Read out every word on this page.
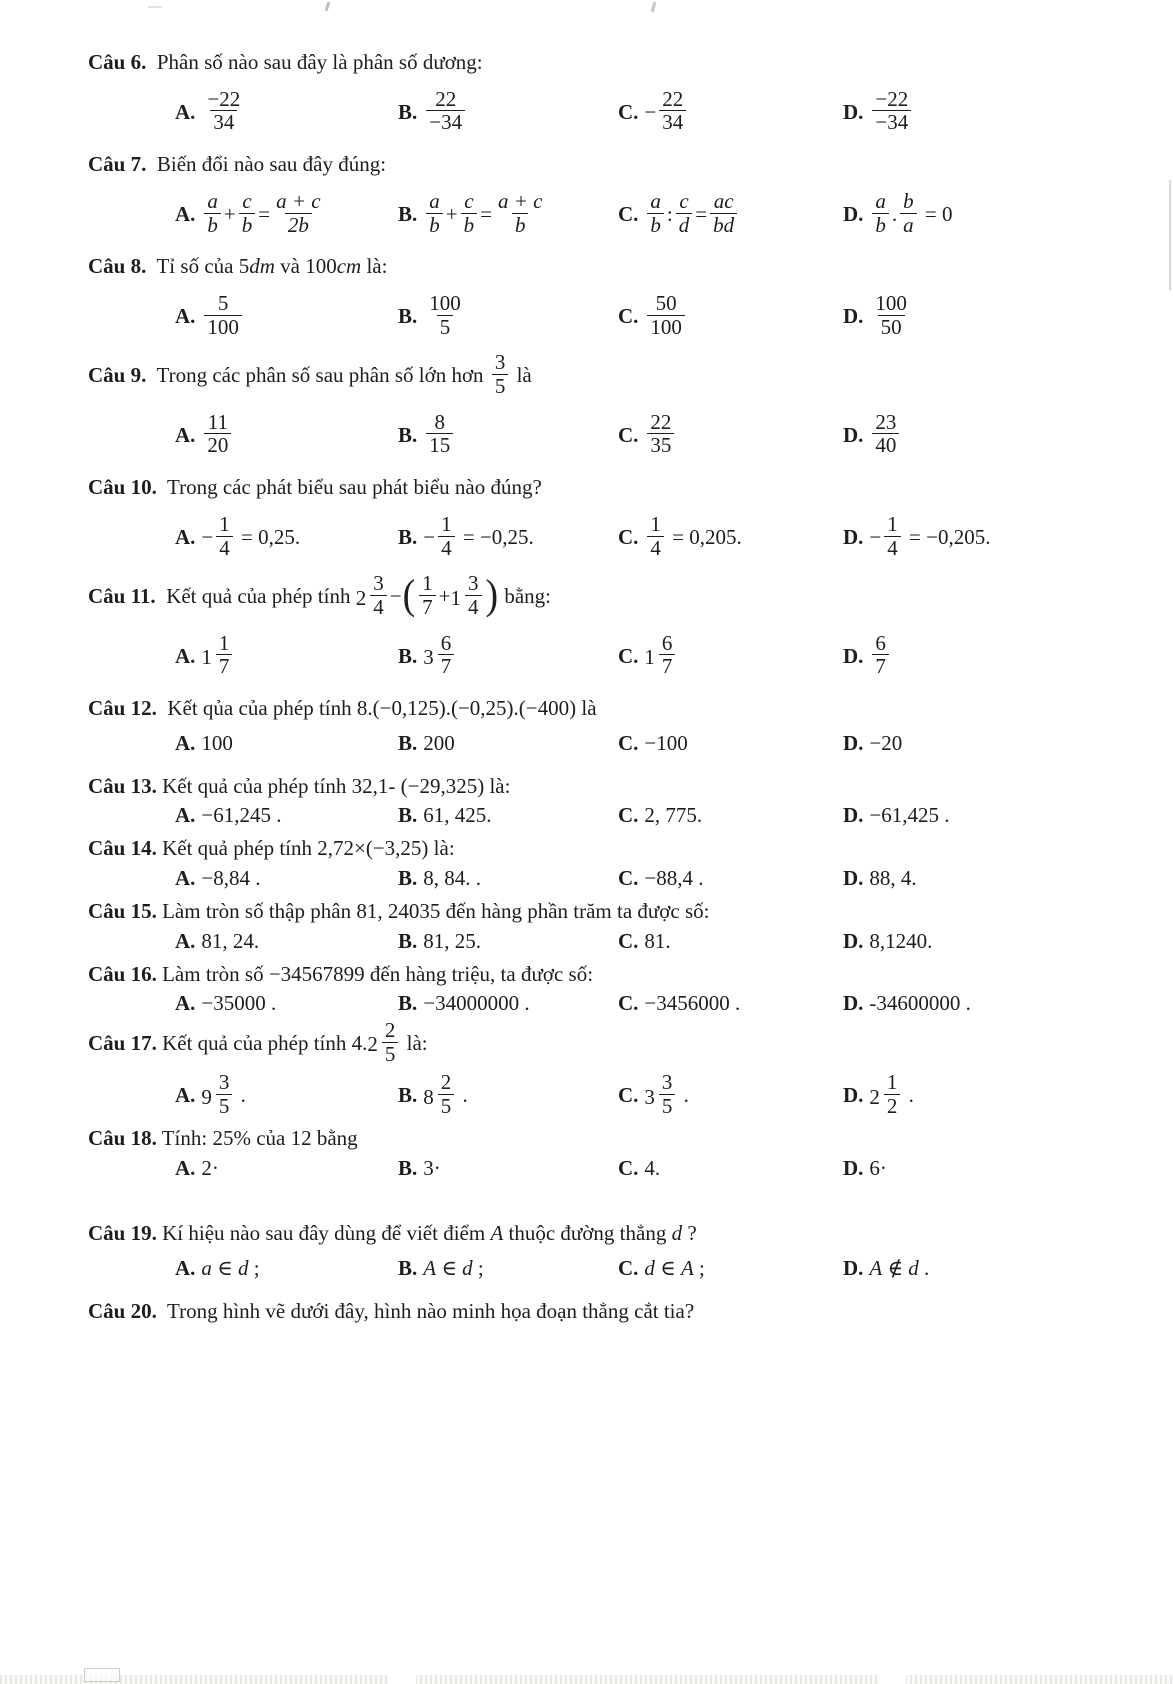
Câu 6.  Phân số nào sau đây là phân số dương:
A. $\frac{-22}{34}$	B. $\frac{22}{-34}$	C. − $\frac{22}{34}$	D. $\frac{-22}{-34}$
Câu 7.  Biến đổi nào sau đây đúng:
A. $\frac{a}{b} + \frac{c}{b} = \frac{a + c}{2b}$	B. $\frac{a}{b} + \frac{c}{b} = \frac{a + c}{b}$	C. $\frac{a}{b}$ : $\frac{c}{d} = \frac{ac}{bd}$	D. $\frac{a}{b}$ . $\frac{b}{a} = 0$
Câu 8.  Tỉ số của 5dm và 100cm là:
A. $\frac{5}{100}$	B. $\frac{100}{5}$	C. $\frac{50}{100}$	D. $\frac{100}{50}$
Câu 9.  Trong các phân số sau phân số lớn hơn $\frac{3}{5}$ là
A. $\frac{11}{20}$	B. $\frac{8}{15}$	C. $\frac{22}{35}$	D. $\frac{23}{40}$
Câu 10.  Trong các phát biểu sau phát biểu nào đúng?
A. − $\frac{1}{4} = 0,25$.	B. − $\frac{1}{4} = -0,25$.	C. $\frac{1}{4} = 0,205$.	D. − $\frac{1}{4} = -0,205$.
Câu 11.  Kết quả của phép tính $2 \frac{3}{4}$ −( $\frac{1}{7} + 1 \frac{3}{4}$ ) bằng:
A. $1 \frac{1}{7}$	B. $3 \frac{6}{7}$	C. $1 \frac{6}{7}$	D. $\frac{6}{7}$
Câu 12.  Kết qủa của phép tính 8.(−0,125).(−0,25).(−400) là
A. 100	B. 200	C. −100	D. −20
Câu 13. Kết quả của phép tính 32,1- (−29,325) là:
A. −61,245 .	B. 61, 425.	C. 2, 775.	D. −61,425 .
Câu 14. Kết quả phép tính 2,72×(−3,25) là:
A. −8,84 .	B. 8, 84. .	C. −88,4 .	D. 88, 4.
Câu 15. Làm tròn số thập phân 81, 24035 đến hàng phần trăm ta được số:
A. 81, 24.	B. 81, 25.	C. 81.	D. 8,1240.
Câu 16. Làm tròn số −34567899 đến hàng triệu, ta được số:
A. −35000 .	B. −34000000 .	C. −3456000 .	D. -34600000 .
Câu 17. Kết quả của phép tính 4. $2 \frac{2}{5}$ là:
A. $9 \frac{3}{5}$ .	B. $8 \frac{2}{5}$ .	C. $3 \frac{3}{5}$ .	D. $2 \frac{1}{2}$ .
Câu 18. Tính: 25% của 12 bằng
A. 2·	B. 3·	C. 4.	D. 6·
Câu 19. Kí hiệu nào sau đây dùng để viết điểm A thuộc đường thẳng d ?
A. a ∈ d ;	B. A ∈ d ;	C. d ∈ A ;	D. A ∉ d .
Câu 20.  Trong hình vẽ dưới đây, hình nào minh họa đoạn thẳng cắt tia?
